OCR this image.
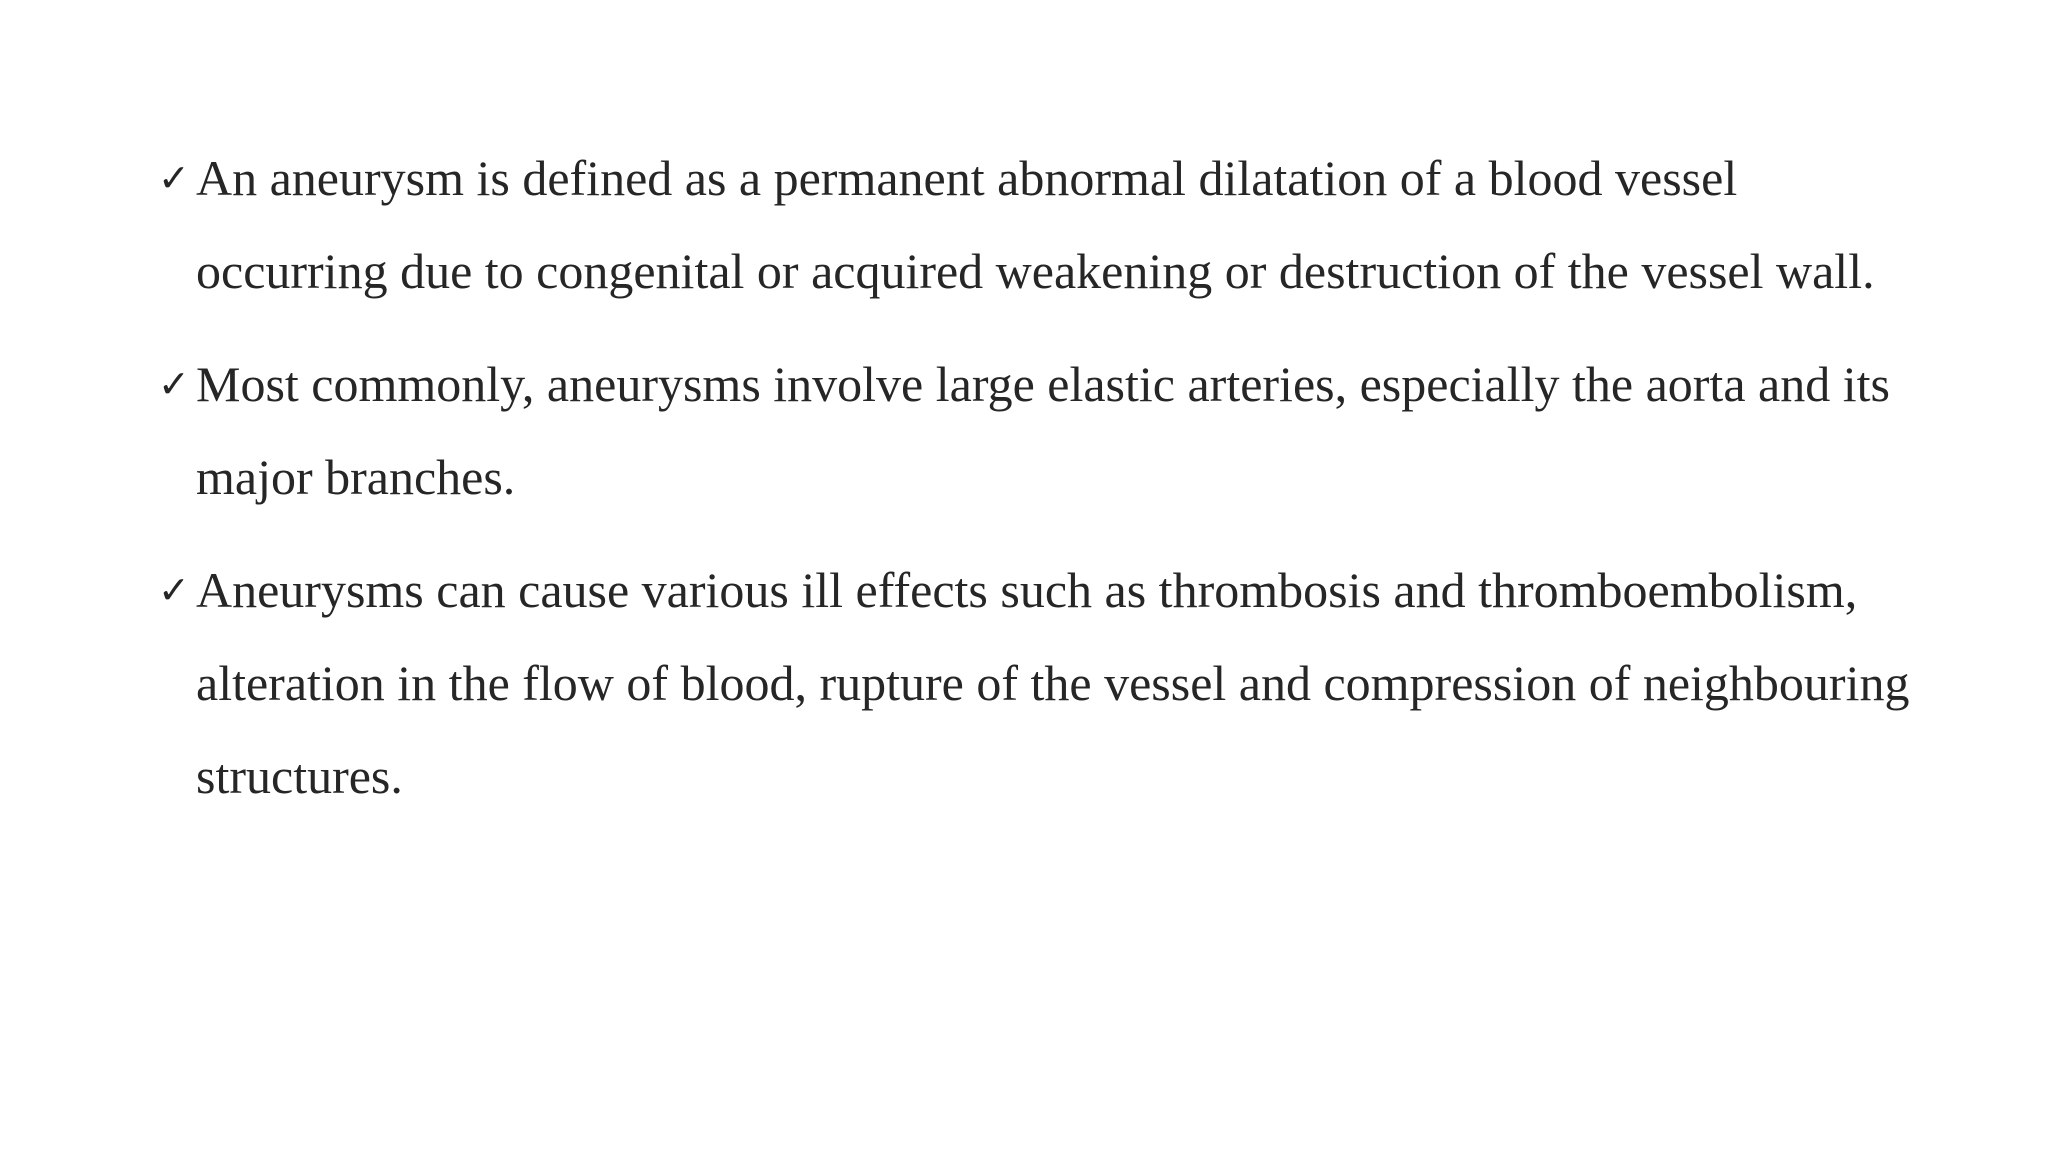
✓ An aneurysm is defined as a permanent abnormal dilatation of a blood vessel occurring due to congenital or acquired weakening or destruction of the vessel wall.
✓ Most commonly, aneurysms involve large elastic arteries, especially the aorta and its major branches.
✓ Aneurysms can cause various ill effects such as thrombosis and thromboembolism, alteration in the flow of blood, rupture of the vessel and compression of neighbouring structures.
